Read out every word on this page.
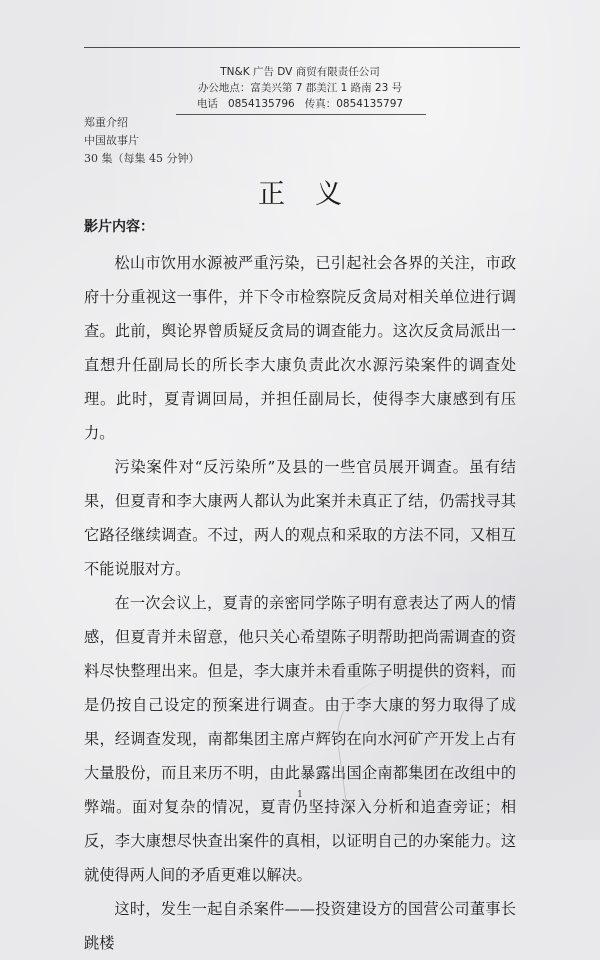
TN&K 广告 DV 商贸有限责任公司
办公地点：富美兴第 7 郡美江 1 路南 23 号
电话 0854135796 传真：0854135797
郑重介绍
中国故事片
30 集（每集 45 分钟）
正义
影片内容：

松山市饮用水源被严重污染，已引起社会各界的关注，市政府十分重视这一事件，并下令市检察院反贪局对相关单位进行调查。此前，舆论界曾质疑反贪局的调查能力。这次反贪局派出一直想升任副局长的所长李大康负责此次水源污染案件的调查处理。此时，夏青调回局，并担任副局长，使得李大康感到有压力。

污染案件对“反污染所”及县的一些官员展开调查。虽有结果，但夏青和李大康两人都认为此案并未真正了结，仍需找寻其它路径继续调查。不过，两人的观点和采取的方法不同，又相互不能说服对方。

在一次会议上，夏青的亲密同学陈子明有意表达了两人的情感，但夏青并未留意，他只关心希望陈子明帮助把尚需调查的资料尽快整理出来。但是，李大康并未看重陈子明提供的资料，而是仍按自己设定的预案进行调查。由于李大康的努力取得了成果，经调查发现，南都集团主席卢辉钧在向水河矿产开发上占有大量股份，而且来历不明，由此暴露出国企南都集团在改组中的弊端。面对复杂的情况，夏青仍坚持深入分析和追查旁证；相反，李大康想尽快查出案件的真相，以证明自己的办案能力。这就使得两人间的矛盾更难以解决。

这时，发生一起自杀案件——投资建设方的国营公司董事长跳楼

1
